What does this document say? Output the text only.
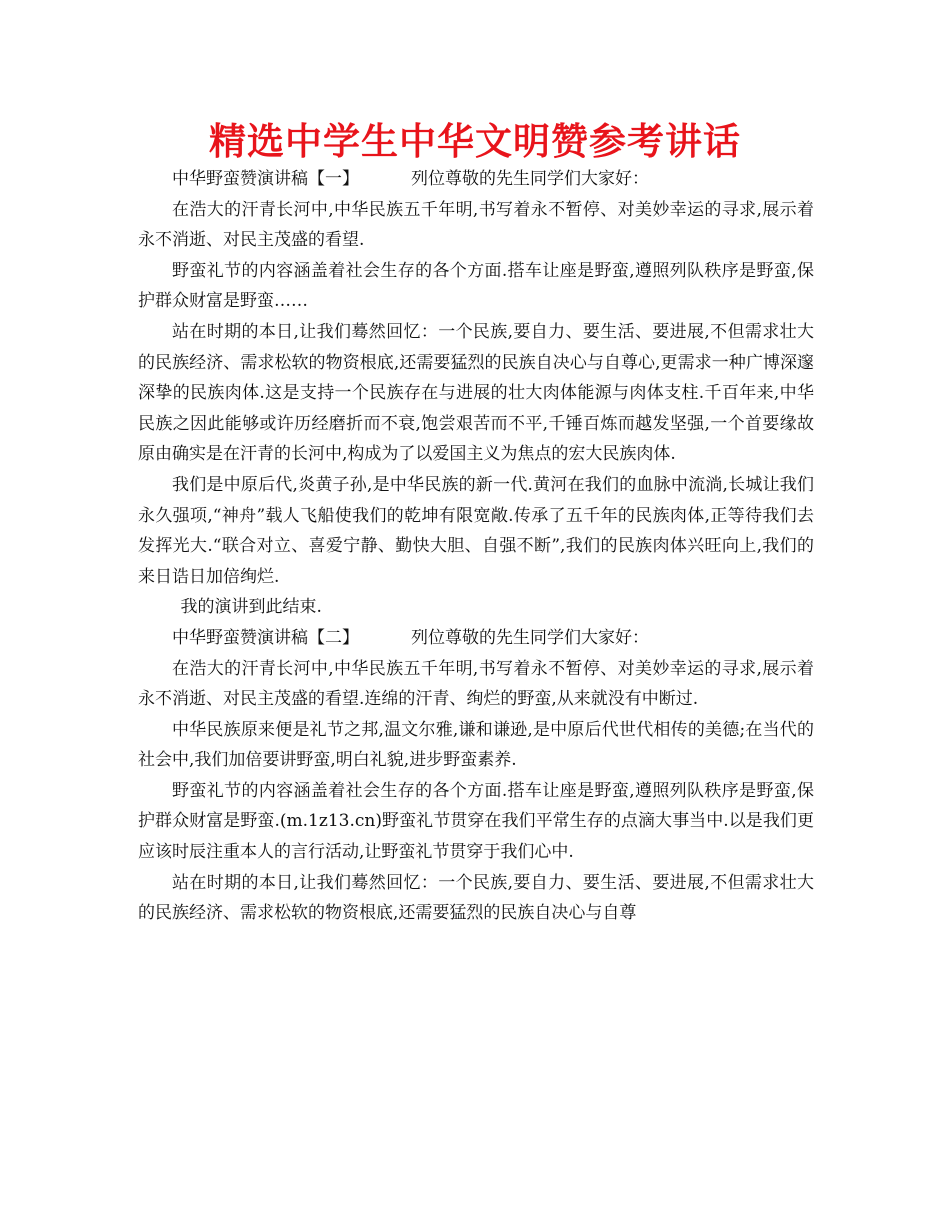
精选中学生中华文明赞参考讲话

中华野蛮赞演讲稿【一】	列位尊敬的先生同学们大家好：

在浩大的汗青长河中,中华民族五千年明,书写着永不暂停、对美妙幸运的寻求,展示着永不消逝、对民主茂盛的看望.

野蛮礼节的内容涵盖着社会生存的各个方面.搭车让座是野蛮,遵照列队秩序是野蛮,保护群众财富是野蛮……

站在时期的本日,让我们蓦然回忆：一个民族,要自力、要生活、要进展,不但需求壮大的民族经济、需求松软的物资根底,还需要猛烈的民族自决心与自尊心,更需求一种广博深邃深挚的民族肉体.这是支持一个民族存在与进展的壮大肉体能源与肉体支柱.千百年来,中华民族之因此能够或许历经磨折而不衰,饱尝艰苦而不平,千锤百炼而越发坚强,一个首要缘故原由确实是在汗青的长河中,构成为了以爱国主义为焦点的宏大民族肉体.

我们是中原后代,炎黄子孙,是中华民族的新一代.黄河在我们的血脉中流淌,长城让我们永久强项,“神舟”载人飞船使我们的乾坤有限宽敞.传承了五千年的民族肉体,正等待我们去发挥光大.“联合对立、喜爱宁静、勤快大胆、自强不断”,我们的民族肉体兴旺向上,我们的来日诰日加倍绚烂.

我的演讲到此结束.

中华野蛮赞演讲稿【二】	列位尊敬的先生同学们大家好：

在浩大的汗青长河中,中华民族五千年明,书写着永不暂停、对美妙幸运的寻求,展示着永不消逝、对民主茂盛的看望.连绵的汗青、绚烂的野蛮,从来就没有中断过.

中华民族原来便是礼节之邦,温文尔雅,谦和谦逊,是中原后代世代相传的美德;在当代的社会中,我们加倍要讲野蛮,明白礼貌,进步野蛮素养.

野蛮礼节的内容涵盖着社会生存的各个方面.搭车让座是野蛮,遵照列队秩序是野蛮,保护群众财富是野蛮.(m.1z13.cn)野蛮礼节贯穿在我们平常生存的点滴大事当中.以是我们更应该时辰注重本人的言行活动,让野蛮礼节贯穿于我们心中.

站在时期的本日,让我们蓦然回忆：一个民族,要自力、要生活、要进展,不但需求壮大的民族经济、需求松软的物资根底,还需要猛烈的民族自决心与自尊
